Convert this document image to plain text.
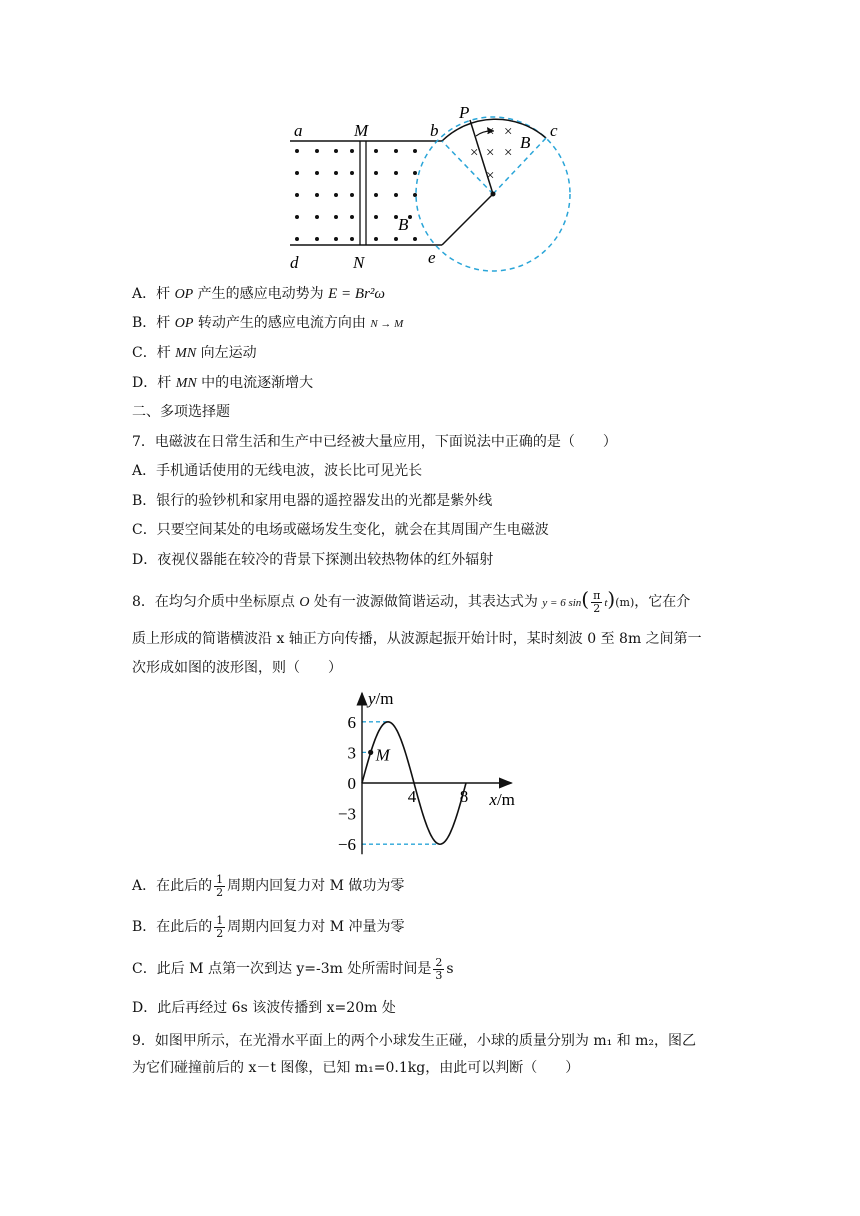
× ×
× × ×
×
a	M	b
P
c
B
B
d	N	e
A．杆 OP 产生的感应电动势为 E = Br²ω
B．杆 OP 转动产生的感应电流方向由 N → M
C．杆 MN 向左运动
D．杆 MN 中的电流逐渐增大
二、多项选择题
7．电磁波在日常生活和生产中已经被大量应用，下面说法中正确的是（　　）
A．手机通话使用的无线电波，波长比可见光长
B．银行的验钞机和家用电器的遥控器发出的光都是紫外线
C．只要空间某处的电场或磁场发生变化，就会在其周围产生电磁波
D．夜视仪器能在较冷的背景下探测出较热物体的红外辐射
8．在均匀介质中坐标原点 O 处有一波源做简谐运动，其表达式为 y = 6 $\sin( \frac{\pi}{2} t)(m)$，它在介
质上形成的简谐横波沿 x 轴正方向传播，从波源起振开始计时，某时刻波 0 至 8m 之间第一
次形成如图的波形图，则（　　）
M
6
3
0
−3
−6
4	8
y/m
x/m
A．在此后的 $\frac{1}{2}$ 周期内回复力对 M 做功为零
B．在此后的 $\frac{1}{2}$ 周期内回复力对 M 冲量为零
C．此后 M 点第一次到达 y=-3m 处所需时间是 $\frac{2}{3}$ s
D．此后再经过 6s 该波传播到 x=20m 处
9．如图甲所示，在光滑水平面上的两个小球发生正碰，小球的质量分别为 m₁ 和 m₂，图乙
为它们碰撞前后的 x－t 图像，已知 m₁=0.1kg，由此可以判断（　　）
